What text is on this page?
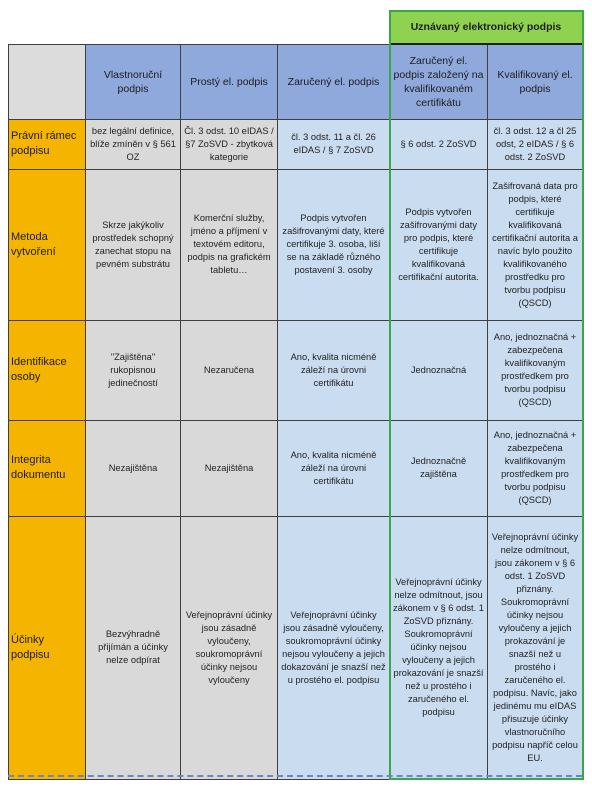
				Uznávaný elektronický podpis	
	Vlastnoruční podpis	Prostý el. podpis	Zaručený el. podpis	Zaručený el. podpis založený na kvalifikovaném certifikátu	Kvalifikovaný el. podpis
Právní rámec podpisu	bez legální definice, blíže zmíněn v § 561 OZ	Čl. 3 odst. 10 eIDAS / §7 ZoSVD - zbytková kategorie	čl. 3 odst. 11 a čl. 26 eIDAS / § 7 ZoSVD	§ 6 odst. 2 ZoSVD	čl. 3 odst. 12 a čl 25 odst, 2 eIDAS / § 6 odst. 2 ZoSVD
Metoda vytvoření	Skrze jakýkoliv prostředek schopný zanechat stopu na pevném substrátu	Komerční služby, jméno a příjmení v textovém editoru, podpis na grafickém tabletu…	Podpis vytvořen zašifrovanými daty, které certifikuje 3. osoba, liší se na základě různého postavení 3. osoby	Podpis vytvořen zašifrovanými daty pro podpis, které certifikuje kvalifikovaná certifikační autorita.	Zašifrovaná data pro podpis, které certifikuje kvalifikovaná certifikační autorita a navíc bylo použito kvalifikovaného prostředku pro tvorbu podpisu (QSCD)
Identifikace osoby	"Zajištěna" rukopisnou jedinečností	Nezaručena	Ano, kvalita nicméně záleží na úrovni certifikátu	Jednoznačná	Ano, jednoznačná + zabezpečena kvalifikovaným prostředkem pro tvorbu podpisu (QSCD)
Integrita dokumentu	Nezajištěna	Nezajištěna	Ano, kvalita nicméně záleží na úrovni certifikátu	Jednoznačně zajištěna	Ano, jednoznačná + zabezpečena kvalifikovaným prostředkem pro tvorbu podpisu (QSCD)
Účinky podpisu	Bezvýhradně přijímán a účinky nelze odpírat	Veřejnoprávní účinky jsou zásadně vyloučeny, soukromoprávní účinky nejsou vyloučeny	Veřejnoprávní účinky jsou zásadně vyloučeny, soukromoprávní účinky nejsou vyloučeny a jejich dokazování je snazší než u prostého el. podpisu	Veřejnoprávní účinky nelze odmítnout, jsou zákonem v § 6 odst. 1 ZoSVD přiznány. Soukromoprávní účinky nejsou vyloučeny a jejich prokazování je snazší než u prostého i zaručeného el. podpisu	Veřejnoprávní účinky nelze odmítnout, jsou zákonem v § 6 odst. 1 ZoSVD přiznány. Soukromoprávní účinky nejsou vyloučeny a jejich prokazování je snazší než u prostého i zaručeného el. podpisu. Navíc, jako jedinému mu eIDAS přisuzuje účinky vlastnoručního podpisu napříč celou EU.
